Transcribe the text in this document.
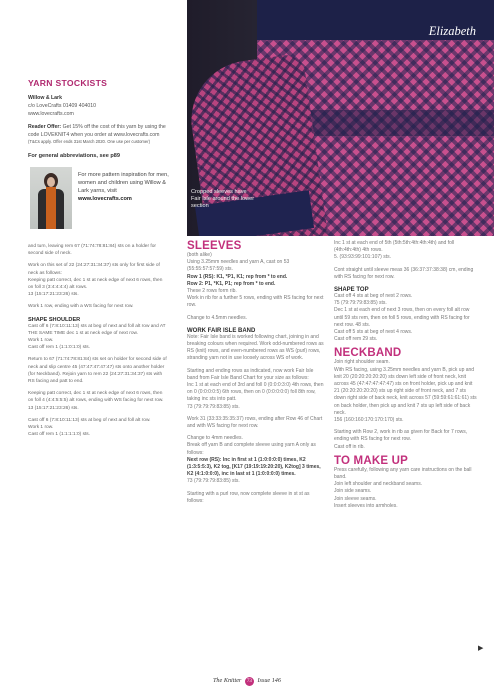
YARN STOCKISTS
Willow & Lark
c/o LoveCrafts 01409 404010
www.lovecrafts.com
Reader Offer: Get 15% off the cost of this yarn by using the code LOVEKNIT4 when you order at www.lovecrafts.com
(T&Cs apply. Offer ends 31st March 2020. One use per customer)
For general abbreviations, see p89
For more pattern inspiration for men, women and children using Willow & Lark yarns, visit www.lovecrafts.com
and turn, leaving rem 67 (71:74:78:81:84) sts on a holder for second side of neck.
Work on this set of 22 (24:27:31:34:37) sts only for first side of neck as follows:
Keeping patt correct, dec 1 st at neck edge of next 6 rows, then on foll 3 (3:4:4:4:4) alt rows.
13 (15:17:21:23:26) sts.
Work 1 row, ending with a WS facing for next row.
SHAPE SHOULDER
Cast off 6 (7:8:10:11:13) sts at beg of next and foll alt row and AT THE SAME TIME dec 1 st at neck edge of next row.
Work 1 row.
Cast off rem 1 (1:1:0:1:0) sts.
Return to 67 (71:74:78:81:84) sts set on holder for second side of neck and slip centre 45 (47:47:47:47:47) sts onto another holder (for Neckband). Rejoin yarn to rem 22 (24:27:31:34:37) sts with RS facing and patt to end.
Keeping patt correct, dec 1 st at neck edge of next 6 rows, then on foll 4 (4:4:5:5:5) alt rows, ending with WS facing for next row.
13 (15:17:21:23:26) sts.
Cast off 6 (7:8:10:11:13) sts at beg of next and foll alt row.
Work 1 row.
Cast off rem 1 (1:1:1:1:0) sts.
Elizabeth
Cropped sleeves have Fair Isle around the lower section
SLEEVES
(both alike)
Using 3.25mm needles and yarn A, cast on 53 (55:55:57:57:59) sts.
Row 1 (RS): K1, *P1, K1; rep from * to end.
Row 2: P1, *K1, P1; rep from * to end.
These 2 rows form rib.
Work in rib for a further 5 rows, ending with RS facing for next row.
Change to 4.5mm needles.
WORK FAIR ISLE BAND
Note: Fair Isle band is worked following chart, joining in and breaking colours when required. Work odd-numbered rows as RS (knit) rows, and even-numbered rows as WS (purl) rows, stranding yarn not in use loosely across WS of work.
Starting and ending rows as indicated, now work Fair Isle band from Fair Isle Band Chart for your size as follows:
Inc 1 st at each end of 3rd and foll 0 (0:0:0:3:0) 4th rows, then on 0 (0:0:0:0:5) 6th rows, then on 0 (0:0:0:0:0) foll 8th row, taking inc sts into patt.
73 (79:79:79:83:85) sts.
Work 31 (33:33:35:35:37) rows, ending after Row 46 of Chart and with WS facing for next row.
Change to 4mm needles.
Break off yarn B and complete sleeve using yarn A only as follows:
Next row (RS): Inc in first st 1 (1:0:0:0:0) times, K2 (1:3:5:5:3), K2 tog, [K17 (19:19:19:20:20), K2tog] 3 times, K2 (4:1:0:0:0), inc in last st 1 (1:0:0:0:0) times.
73 (79:79:79:83:85) sts.
Starting with a purl row, now complete sleeve in st st as follows:
Inc 1 st at each end of 5th (5th:5th:4th:4th:4th) and foll (4th:4th:4th) 4th rows.
5. (93:93:99:101:107) sts.
Cont straight until sleeve meas 36 (36:37:37:38:38) cm, ending with RS facing for next row.
SHAPE TOP
Cast off 4 sts at beg of next 2 rows.
75 (79:79:79:83:85) sts.
Dec 1 st at each end of next 3 rows, then on every foll alt row until 59 sts rem, then on foll 5 rows, ending with RS facing for next row. 48 sts.
Cast off 5 sts at beg of next 4 rows.
Cast off rem 29 sts.
NECKBAND
Join right shoulder seam.
With RS facing, using 3.25mm needles and yarn B, pick up and knit 20 (20:20:20:20:20) sts down left side of front neck, knit across 45 (47:47:47:47:47) sts on front holder, pick up and knit 21 (20:20:20:20:20) sts up right side of front neck, and 7 sts down right side of back neck, knit across 57 (59:59:61:61:61) sts on back holder, then pick up and knit 7 sts up left side of back neck.
156 (160:160:170:170:170) sts.
Starting with Row 2, work in rib as given for Back for 7 rows, ending with RS facing for next row.
Cast off in rib.
TO MAKE UP
Press carefully, following any yarn care instructions on the ball band.
Join left shoulder and neckband seams.
Join side seams.
Join sleeve seams.
Insert sleeves into armholes.
▶
The Knitter 73 Issue 146
